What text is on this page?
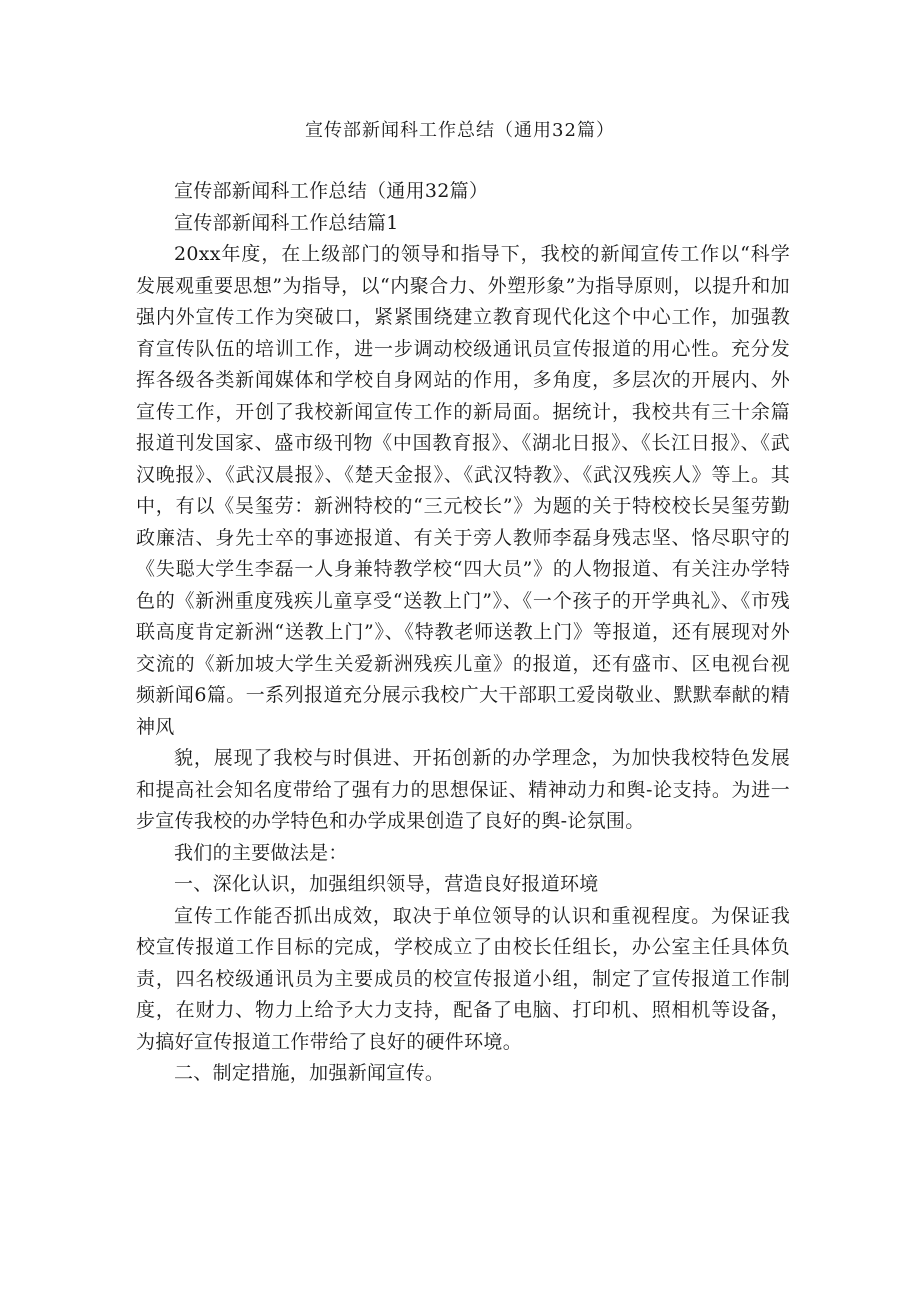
宣传部新闻科工作总结（通用32篇）

宣传部新闻科工作总结（通用32篇）

宣传部新闻科工作总结篇1

20xx年度，在上级部门的领导和指导下，我校的新闻宣传工作以“科学发展观重要思想”为指导，以“内聚合力、外塑形象”为指导原则，以提升和加强内外宣传工作为突破口，紧紧围绕建立教育现代化这个中心工作，加强教育宣传队伍的培训工作，进一步调动校级通讯员宣传报道的用心性。充分发挥各级各类新闻媒体和学校自身网站的作用，多角度，多层次的开展内、外宣传工作，开创了我校新闻宣传工作的新局面。据统计，我校共有三十余篇报道刊发国家、盛市级刊物《中国教育报》、《湖北日报》、《长江日报》、《武汉晚报》、《武汉晨报》、《楚天金报》、《武汉特教》、《武汉残疾人》等上。其中，有以《吴玺劳：新洲特校的“三元校长”》为题的关于特校校长吴玺劳勤政廉洁、身先士卒的事迹报道、有关于旁人教师李磊身残志坚、恪尽职守的《失聪大学生李磊一人身兼特教学校“四大员”》的人物报道、有关注办学特色的《新洲重度残疾儿童享受“送教上门”》、《一个孩子的开学典礼》、《市残联高度肯定新洲“送教上门”》、《特教老师送教上门》等报道，还有展现对外交流的《新加坡大学生关爱新洲残疾儿童》的报道，还有盛市、区电视台视频新闻6篇。一系列报道充分展示我校广大干部职工爱岗敬业、默默奉献的精神风

貌，展现了我校与时俱进、开拓创新的办学理念，为加快我校特色发展和提高社会知名度带给了强有力的思想保证、精神动力和舆-论支持。为进一步宣传我校的办学特色和办学成果创造了良好的舆-论氛围。

我们的主要做法是：

一、深化认识，加强组织领导，营造良好报道环境

宣传工作能否抓出成效，取决于单位领导的认识和重视程度。为保证我校宣传报道工作目标的完成，学校成立了由校长任组长，办公室主任具体负责，四名校级通讯员为主要成员的校宣传报道小组，制定了宣传报道工作制度，在财力、物力上给予大力支持，配备了电脑、打印机、照相机等设备，为搞好宣传报道工作带给了良好的硬件环境。

二、制定措施，加强新闻宣传。
